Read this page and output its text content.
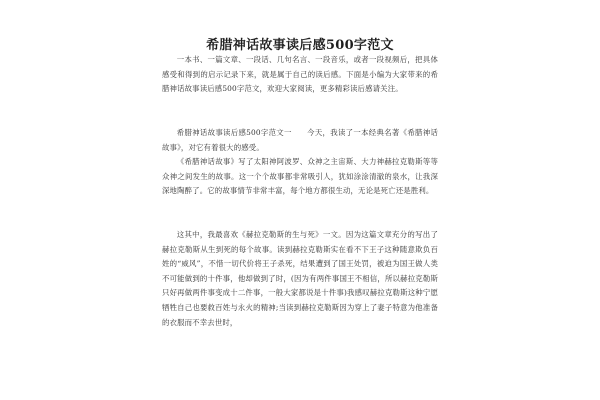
希腊神话故事读后感500字范文

一本书、一篇文章、一段话、几句名言、一段音乐，或者一段视频后，把具体感受和得到的启示记录下来，就是属于自己的读后感。下面是小编为大家带来的希腊神话故事读后感500字范文，欢迎大家阅读，更多精彩读后感请关注。

希腊神话故事读后感500字范文一　　今天，我读了一本经典名著《希腊神话故事》，对它有着很大的感受。

《希腊神话故事》写了太阳神阿波罗、众神之主宙斯、大力神赫拉克勒斯等等众神之间发生的故事。这一个个故事都非常吸引人，犹如涂涂清澈的泉水，让我深深地陶醉了。它的故事情节非常丰富，每个地方都很生动，无论是死亡还是胜利。

这其中，我最喜欢《赫拉克勒斯的生与死》一文。因为这篇文章充分的写出了赫拉克勒斯从生到死的每个故事。读到赫拉克勒斯实在看不下王子这种随意欺负百姓的“威风”，不惜一切代价将王子杀死，结果遭到了国王处罚，被迫为国王做人类不可能做到的十件事，他却做到了时，(因为有两件事国王不相信，所以赫拉克勒斯只好再做两件事变成十二件事，一般大家都说是十件事)我感叹赫拉克勒斯这种宁愿牺牲自己也要救百姓与永火的精神;当读到赫拉克勒斯因为穿上了妻子特意为他准备的衣服而不幸去世时，
